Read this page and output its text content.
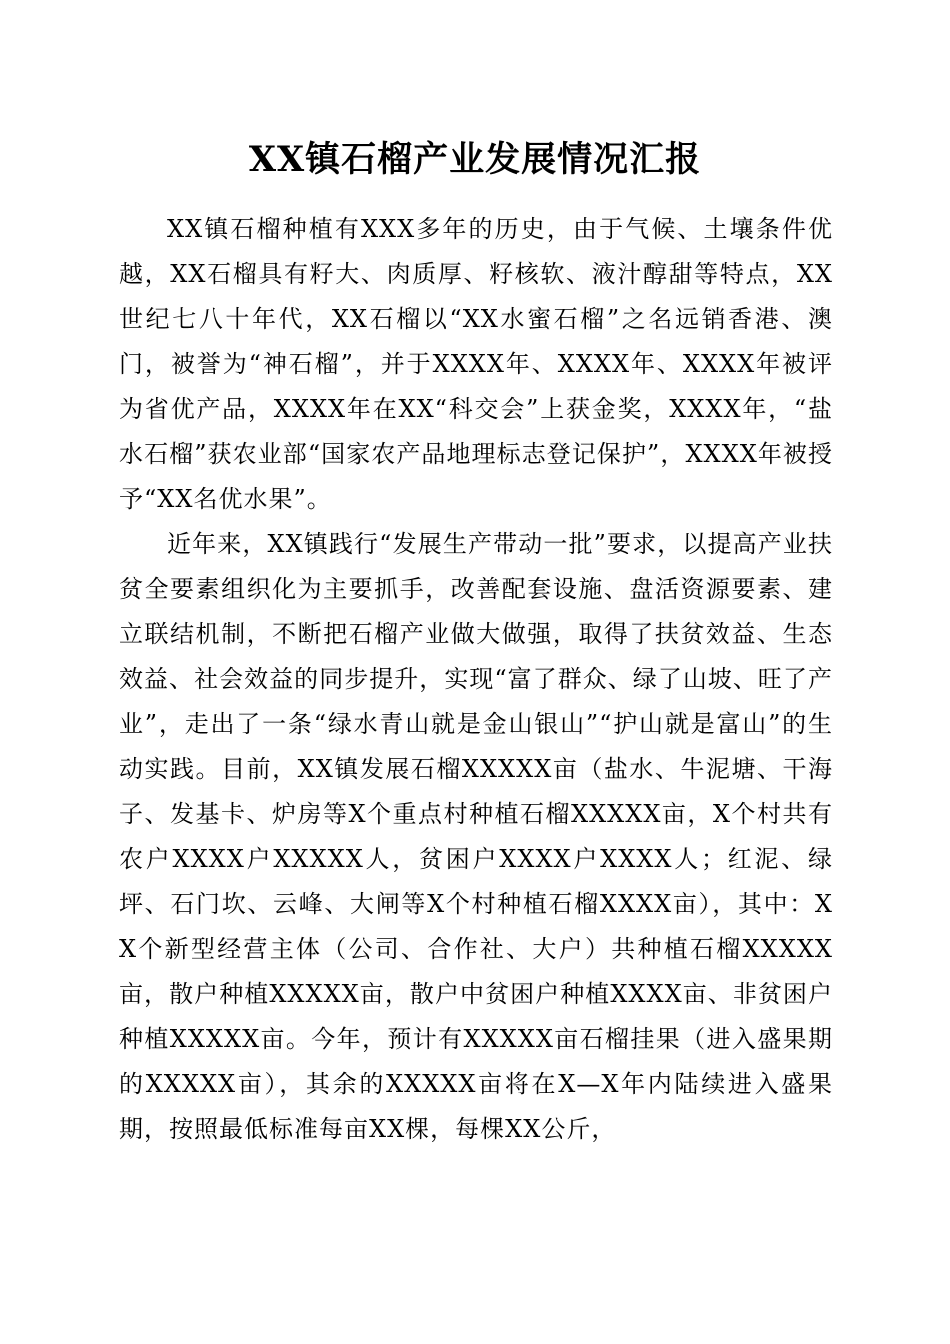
XX镇石榴产业发展情况汇报

XX镇石榴种植有XXX多年的历史，由于气候、土壤条件优越，XX石榴具有籽大、肉质厚、籽核软、液汁醇甜等特点，XX世纪七八十年代，XX石榴以“XX水蜜石榴”之名远销香港、澳门，被誉为“神石榴”，并于XXXX年、XXXX年、XXXX年被评为省优产品，XXXX年在XX“科交会”上获金奖，XXXX年，“盐水石榴”获农业部“国家农产品地理标志登记保护”，XXXX年被授予“XX名优水果”。

近年来，XX镇践行“发展生产带动一批”要求，以提高产业扶贫全要素组织化为主要抓手，改善配套设施、盘活资源要素、建立联结机制，不断把石榴产业做大做强，取得了扶贫效益、生态效益、社会效益的同步提升，实现“富了群众、绿了山坡、旺了产业”，走出了一条“绿水青山就是金山银山”“护山就是富山”的生动实践。目前，XX镇发展石榴XXXXX亩（盐水、牛泥塘、干海子、发基卡、炉房等X个重点村种植石榴XXXXX亩，X个村共有农户XXXX户XXXXX人，贫困户XXXX户XXXX人；红泥、绿坪、石门坎、云峰、大闸等X个村种植石榴XXXX亩），其中：XX个新型经营主体（公司、合作社、大户）共种植石榴XXXXX亩，散户种植XXXXX亩，散户中贫困户种植XXXX亩、非贫困户种植XXXXX亩。今年，预计有XXXXX亩石榴挂果（进入盛果期的XXXXX亩），其余的XXXXX亩将在X—X年内陆续进入盛果期，按照最低标准每亩XX棵，每棵XX公斤，
